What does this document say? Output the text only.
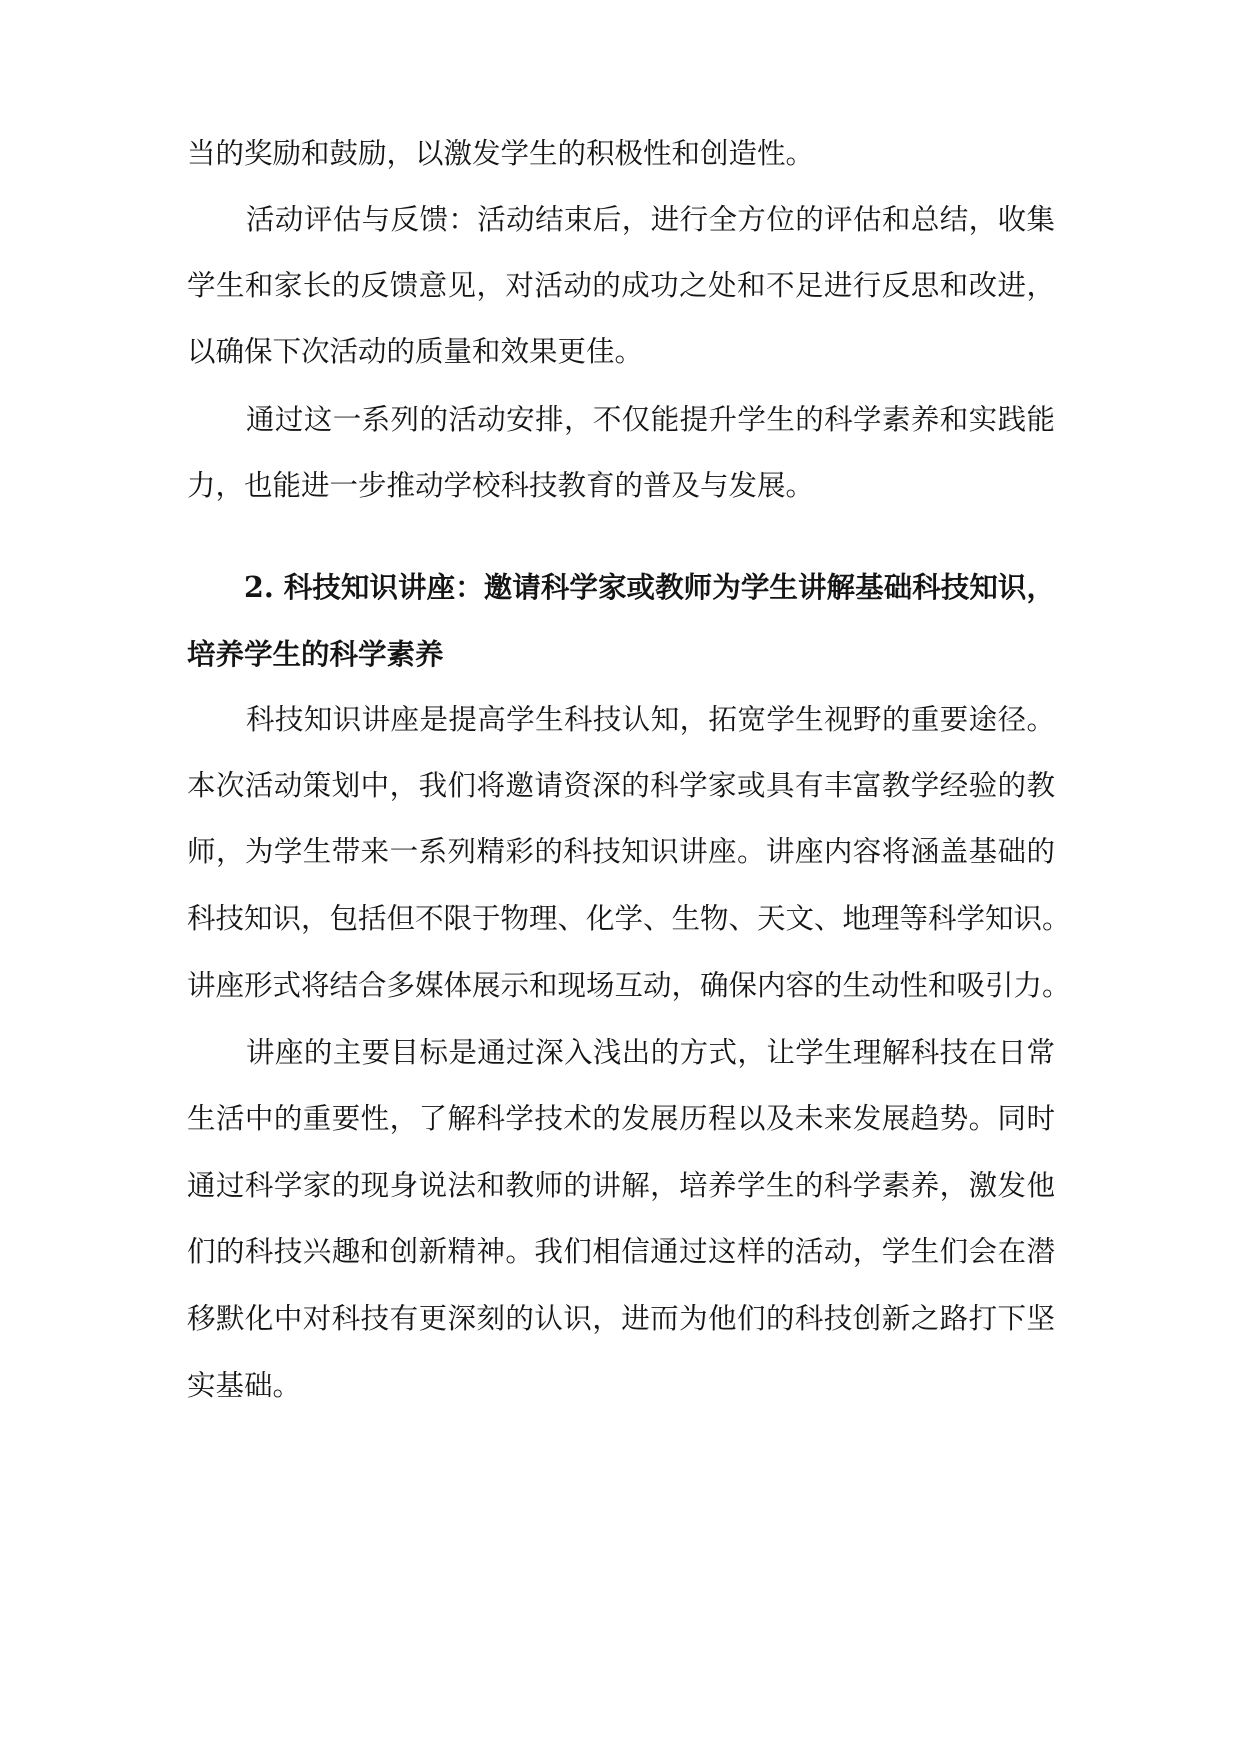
当的奖励和鼓励，以激发学生的积极性和创造性。
活动评估与反馈：活动结束后，进行全方位的评估和总结，收集
学生和家长的反馈意见，对活动的成功之处和不足进行反思和改进，
以确保下次活动的质量和效果更佳。
通过这一系列的活动安排，不仅能提升学生的科学素养和实践能
力，也能进一步推动学校科技教育的普及与发展。
2. 科技知识讲座：邀请科学家或教师为学生讲解基础科技知识，
培养学生的科学素养
科技知识讲座是提高学生科技认知，拓宽学生视野的重要途径。
本次活动策划中，我们将邀请资深的科学家或具有丰富教学经验的教
师，为学生带来一系列精彩的科技知识讲座。讲座内容将涵盖基础的
科技知识，包括但不限于物理、化学、生物、天文、地理等科学知识。
讲座形式将结合多媒体展示和现场互动，确保内容的生动性和吸引力。
讲座的主要目标是通过深入浅出的方式，让学生理解科技在日常
生活中的重要性，了解科学技术的发展历程以及未来发展趋势。同时
通过科学家的现身说法和教师的讲解，培养学生的科学素养，激发他
们的科技兴趣和创新精神。我们相信通过这样的活动，学生们会在潜
移默化中对科技有更深刻的认识，进而为他们的科技创新之路打下坚
实基础。
